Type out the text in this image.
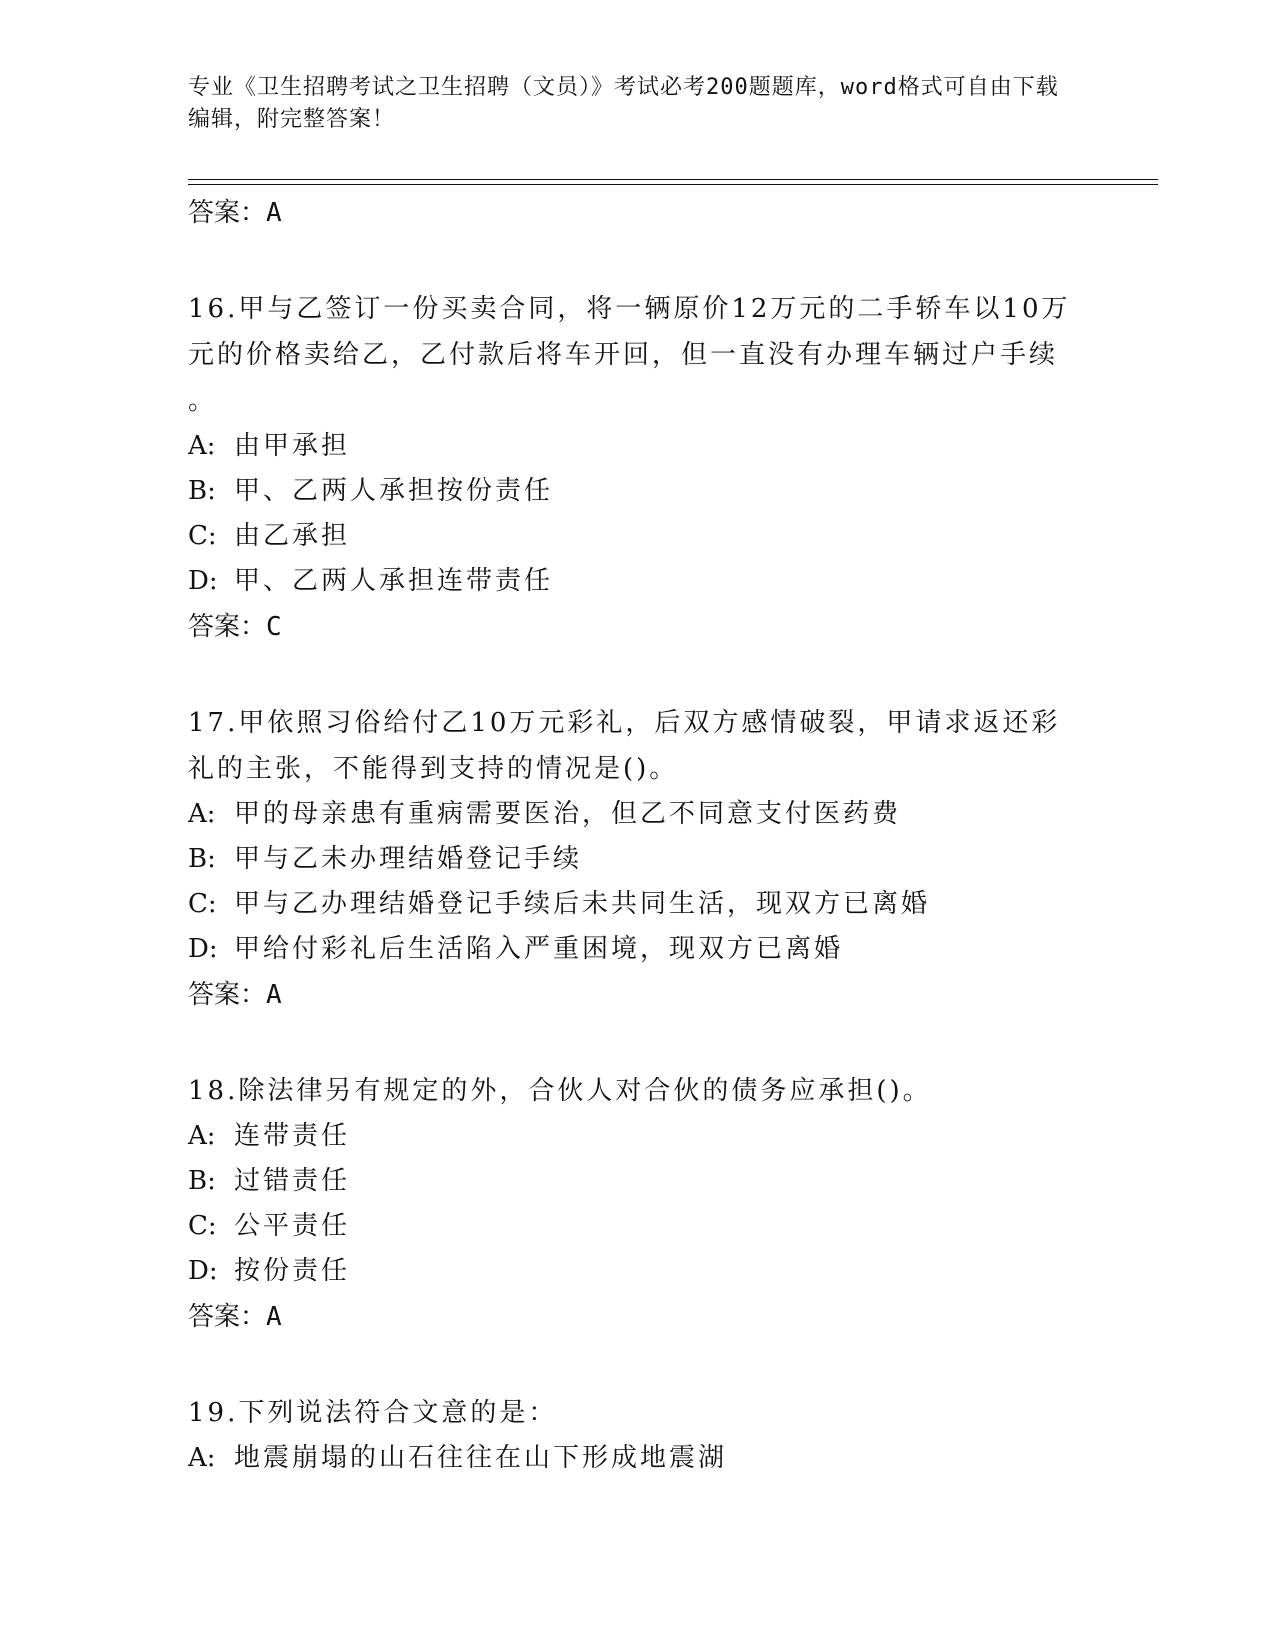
专业《卫生招聘考试之卫生招聘（文员）》考试必考200题题库，word格式可自由下载编辑，附完整答案！
答案：A
16.甲与乙签订一份买卖合同，将一辆原价12万元的二手轿车以10万
元的价格卖给乙，乙付款后将车开回，但一直没有办理车辆过户手续
。
A: 由甲承担
B: 甲、乙两人承担按份责任
C: 由乙承担
D: 甲、乙两人承担连带责任
答案：C
17.甲依照习俗给付乙10万元彩礼，后双方感情破裂，甲请求返还彩
礼的主张，不能得到支持的情况是()。
A: 甲的母亲患有重病需要医治，但乙不同意支付医药费
B: 甲与乙未办理结婚登记手续
C: 甲与乙办理结婚登记手续后未共同生活，现双方已离婚
D: 甲给付彩礼后生活陷入严重困境，现双方已离婚
答案：A
18.除法律另有规定的外，合伙人对合伙的债务应承担()。
A: 连带责任
B: 过错责任
C: 公平责任
D: 按份责任
答案：A
19.下列说法符合文意的是：
A: 地震崩塌的山石往往在山下形成地震湖
